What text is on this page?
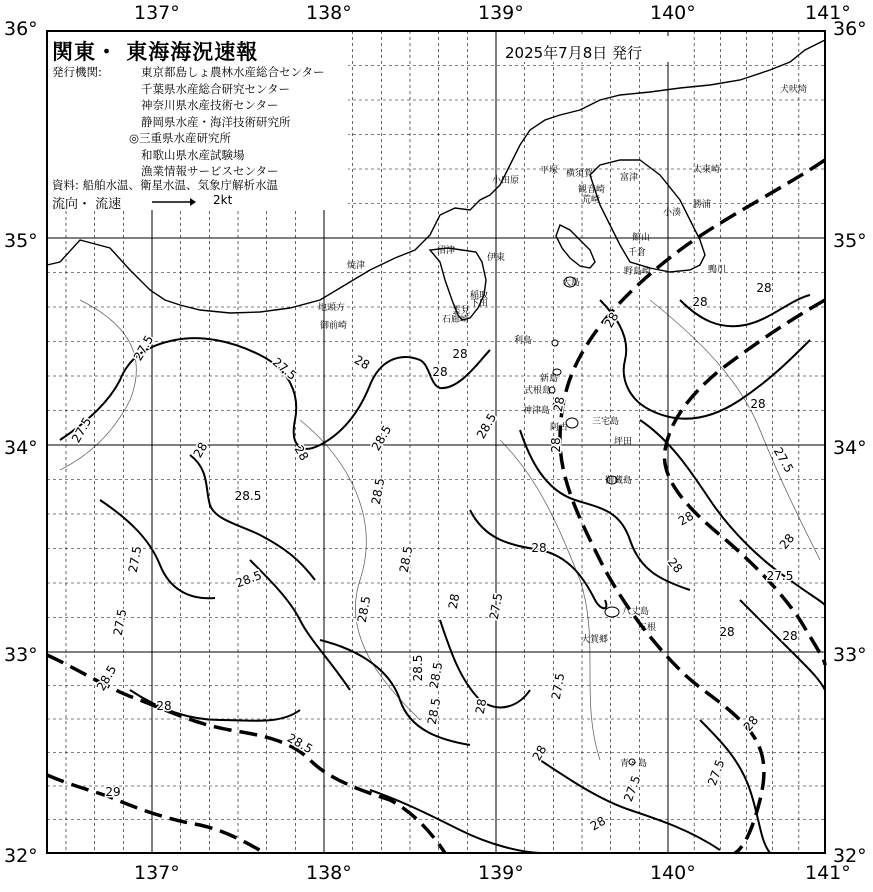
27.5
28
28
28
28.5	28.5
28
28
28
27.5
28
28
27.5
27.5
28
28
28.5
28.5
28.5
28.5	28
28.5
28.5
28 27.5
27.5
28.5
28.5
28.5
28
27.5
28
28
28
27.5
28	28
28
27.5
28.5 28
29	27.5
27.5
28
28
28
137°	138°	139°	140°	141°
137°	138°	139°	140°	141°
36°
35°
34°
33°
32°
36°
35°
34°
33°
32°
犬吠埼
太東崎
勝浦
小湊
鴨川
富津
観音崎
横須賀
平塚
小田原
荒崎
館山
千倉
野島崎
伊東
沼津
焼津
稲取
下田
雲見
石廊崎
御前崎
地頭方
大島
利島
新島
式根島
神津島
三宅島
阿古
御蔵島
坪田
八丈島
三根
大賀郷
青ヶ島
関東・ 東海海況速報	2025年7月8日 発行
発行機関:	東京都島しょ農林水産総合センター
千葉県水産総合研究センター
神奈川県水産技術センター
静岡県水産・海洋技術研究所
◎三重県水産研究所
和歌山県水産試験場
漁業情報サービスセンター
資料: 船舶水温、衛星水温、気象庁解析水温
流向・ 流速	2kt
